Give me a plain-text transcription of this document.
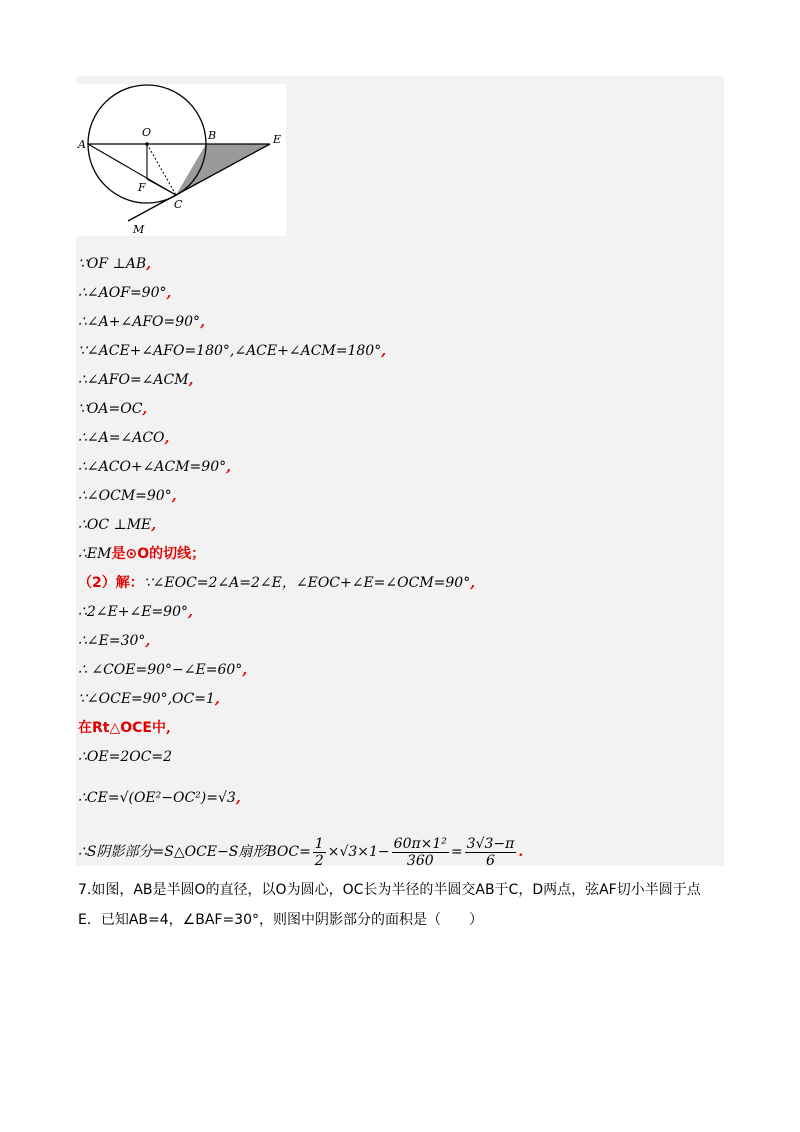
A
O	B	E
F
C
M
∵OF ⊥AB,
∴∠AOF=90°,
∴∠A+∠AFO=90°,
∵∠ACE+∠AFO=180°,∠ACE+∠ACM=180°,
∴∠AFO=∠ACM,
∵OA=OC,
∴∠A=∠ACO,
∴∠ACO+∠ACM=90°,
∴∠OCM=90°,
∴OC ⊥ME,
∴EM是⊙O的切线；
（2）解：∵∠EOC=2∠A=2∠E，∠EOC+∠E=∠OCM=90°,
∴2∠E+∠E=90°,
∴∠E=30°,
∴ ∠COE=90°−∠E=60°,
∵∠OCE=90°,OC=1,
在Rt△OCE中,
∴OE=2OC=2
∴CE=√(OE²−OC²)=√3,
∴S阴影部分=S△OCE−S扇形$BOC= \frac{1}{2} \times√3\times 1- \frac{\text{60π×1²}}{360} = \frac{3√3-\pi}{6}$ .
7.如图，AB是半圆O的直径，以O为圆心，OC长为半径的半圆交AB于C，D两点，弦AF切小半圆于点
E．已知AB=4，∠BAF=30°，则图中阴影部分的面积是（　　）
